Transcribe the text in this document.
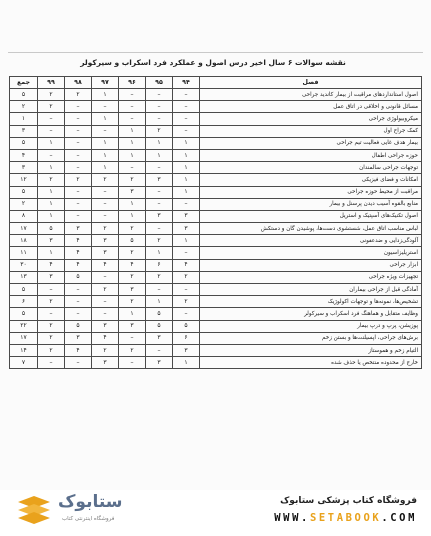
نقشه سوالات ۶ سال اخیر درس اصول و عملکرد فرد اسکراب و سیرکولر
جمع	۹۹	۹۸	۹۷	۹۶	۹۵	۹۴	فصل
۵	۲	۲	۱	–	–	–	اصول استانداردهای مراقبت از بیمار کاندید جراحی
۲	۲	–	–	–	–	–	مسائل قانونی و اخلاقی در اتاق عمل
۱	–	–	۱	–	–	–	میکروبیولوژی جراحی
۳	–	–	–	۱	۲	–	کمک جراح اول
۵	۱	–	۱	۱	۱	۱	بیمار هدف غایی فعالیت تیم جراحی
۴	–	–	۱	۱	۱	۱	حوزه جراحی اطفال
۳	۱	–	۱	–	–	۱	توجهات جراحی سالمندان
۱۲	۲	۲	۲	۲	۳	۱	امکانات و فضای فیزیکی
۵	۱	–	–	۳	–	۱	مراقبت از محیط حوزه جراحی
۲	۱	–	–	۱	–	–	منابع بالقوه آسیب دیدن پرسنل و بیمار
۸	۱	–	–	۱	۳	۳	اصول تکنیک‌های آسپتیک و استریل
۱۷	۵	۳	۲	۲	–	۳	لباس مناسب اتاق عمل، شستشوی دست‌ها، پوشیدن گان و دستکش
۱۸	۳	۴	۳	۵	۲	۱	آلودگی‌زدایی و ضدعفونی
۱۱	۱	۴	۳	۲	۱	–	استریلیزاسیون
۳۰	۴	۴	۴	۴	۶	۴	ابزار جراحی
۱۳	۳	۵	–	۲	۲	۲	تجهیزات ویژه جراحی
۵	–	–	۲	۳	–	–	آمادگی قبل از جراحی بیماران
۶	۲	–	–	۲	۱	۲	تشخیص‌ها، نمونه‌ها و توجهات اکولوژیک
۵	–	–	–	۱	۵	–	وظایف متقابل و هماهنگ فرد اسکراب و سیرکولر
۲۲	۲	۵	۳	۳	۵	۵	پوزیشن، پرپ و درپ بیمار
۱۷	۲	۳	۴	–	۳	۶	برش‌های جراحی، اپسیلنت‌ها و بستن زخم
۱۴	۲	۴	۲	۲	–	۳	التیام زخم و هموستاز
۷	–	–	۳	–	۳	۱	خارج از محدوده منتخص یا حذف شده
ستابوک
فروشگاه اینترنتی کتاب
فروشگاه کتاب پزشکی ستابوک
WWW.SETABOOK.COM
